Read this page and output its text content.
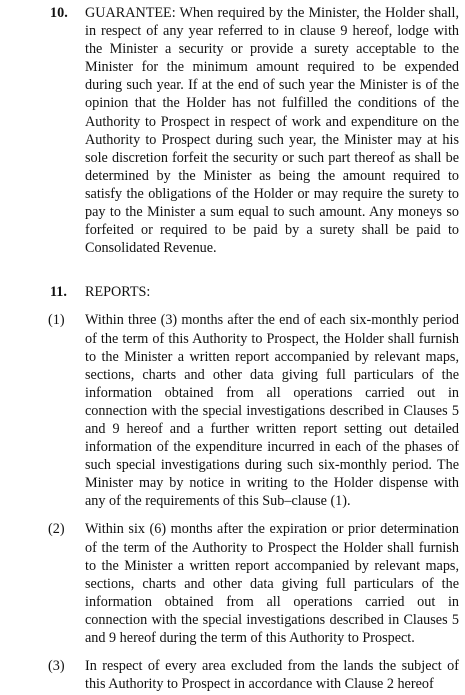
10. GUARANTEE: When required by the Minister, the Holder shall, in respect of any year referred to in clause 9 hereof, lodge with the Minister a security or provide a surety acceptable to the Minister for the minimum amount required to be expended during such year. If at the end of such year the Minister is of the opinion that the Holder has not fulfilled the conditions of the Authority to Prospect in respect of work and expenditure on the Authority to Prospect during such year, the Minister may at his sole discretion forfeit the security or such part thereof as shall be determined by the Minister as being the amount required to satisfy the obligations of the Holder or may require the surety to pay to the Minister a sum equal to such amount. Any moneys so forfeited or required to be paid by a surety shall be paid to Consolidated Revenue.
11. REPORTS:
(1) Within three (3) months after the end of each six-monthly period of the term of this Authority to Prospect, the Holder shall furnish to the Minister a written report accompanied by relevant maps, sections, charts and other data giving full particulars of the information obtained from all operations carried out in connection with the special investigations described in Clauses 5 and 9 hereof and a further written report setting out detailed information of the expenditure incurred in each of the phases of such special investigations during such six-monthly period. The Minister may by notice in writing to the Holder dispense with any of the requirements of this Sub–clause (1).
(2) Within six (6) months after the expiration or prior determination of the term of the Authority to Prospect the Holder shall furnish to the Minister a written report accompanied by relevant maps, sections, charts and other data giving full particulars of the information obtained from all operations carried out in connection with the special investigations described in Clauses 5 and 9 hereof during the term of this Authority to Prospect.
(3) In respect of every area excluded from the lands the subject of this Authority to Prospect in accordance with Clause 2 hereof
